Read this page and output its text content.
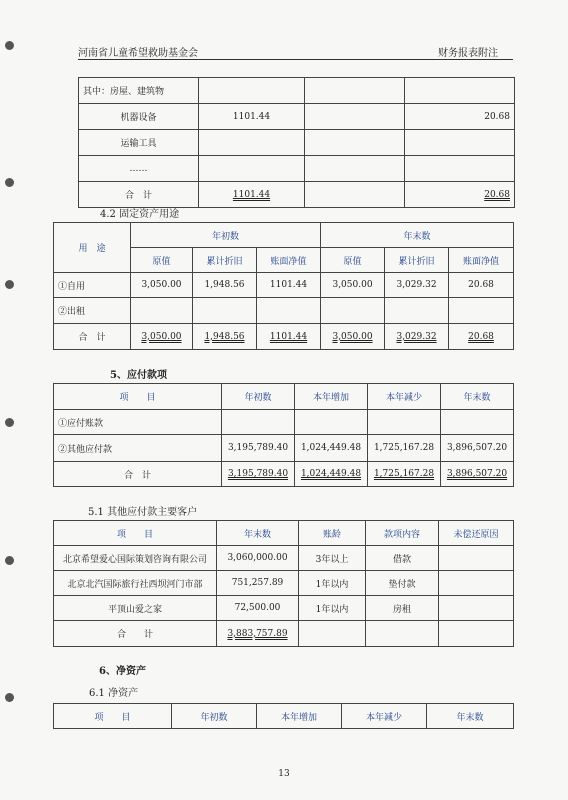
河南省儿童希望救助基金会	财务报表附注
其中：房屋、建筑物			
机器设备	1101.44		20.68
运输工具			
……			
合　计	1101.44		20.68
4.2 固定资产用途
用　途	年初数			年末数		
	原值	累计折旧	账面净值	原值	累计折旧	账面净值
①自用	3,050.00	1,948.56	1101.44	3,050.00	3,029.32	20.68
②出租						
合　计	3,050.00	1,948.56	1101.44	3,050.00	3,029.32	20.68
5、应付款项
项　　目	年初数	本年增加	本年减少	年末数
①应付账款				
②其他应付款	3,195,789.40	1,024,449.48	1,725,167.28	3,896,507.20
合　计	3,195,789.40	1,024,449.48	1,725,167.28	3,896,507.20
5.1 其他应付款主要客户
项　　目	年末数	账龄	款项内容	未偿还原因
北京希望爱心国际策划咨询有限公司	3,060,000.00	3年以上	借款	
北京北汽国际旅行社西坝河门市部	751,257.89	1年以内	垫付款	
平顶山爱之家	72,500.00	1年以内	房租	
合　　计	3,883,757.89			
6、净资产
6.1 净资产
项　　目	年初数	本年增加	本年减少	年末数
13
